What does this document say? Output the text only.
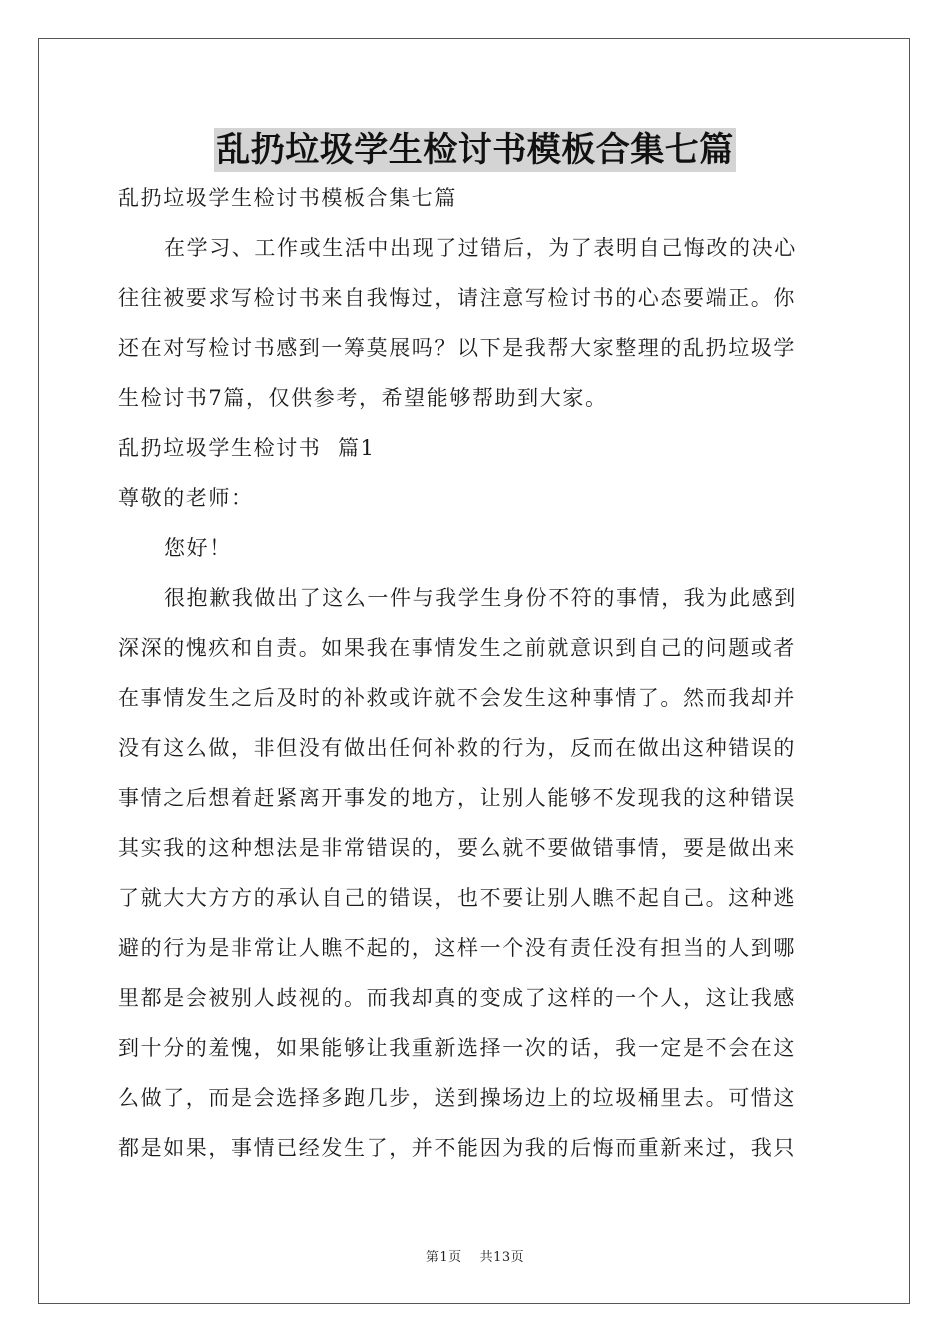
乱扔垃圾学生检讨书模板合集七篇
乱扔垃圾学生检讨书模板合集七篇
在学习、工作或生活中出现了过错后，为了表明自己悔改的决心
往往被要求写检讨书来自我悔过，请注意写检讨书的心态要端正。你
还在对写检讨书感到一筹莫展吗？以下是我帮大家整理的乱扔垃圾学
生检讨书7篇，仅供参考，希望能够帮助到大家。
乱扔垃圾学生检讨书  篇1
尊敬的老师：
您好！
很抱歉我做出了这么一件与我学生身份不符的事情，我为此感到
深深的愧疚和自责。如果我在事情发生之前就意识到自己的问题或者
在事情发生之后及时的补救或许就不会发生这种事情了。然而我却并
没有这么做，非但没有做出任何补救的行为，反而在做出这种错误的
事情之后想着赶紧离开事发的地方，让别人能够不发现我的这种错误
其实我的这种想法是非常错误的，要么就不要做错事情，要是做出来
了就大大方方的承认自己的错误，也不要让别人瞧不起自己。这种逃
避的行为是非常让人瞧不起的，这样一个没有责任没有担当的人到哪
里都是会被别人歧视的。而我却真的变成了这样的一个人，这让我感
到十分的羞愧，如果能够让我重新选择一次的话，我一定是不会在这
么做了，而是会选择多跑几步，送到操场边上的垃圾桶里去。可惜这
都是如果，事情已经发生了，并不能因为我的后悔而重新来过，我只
第1页 共13页
